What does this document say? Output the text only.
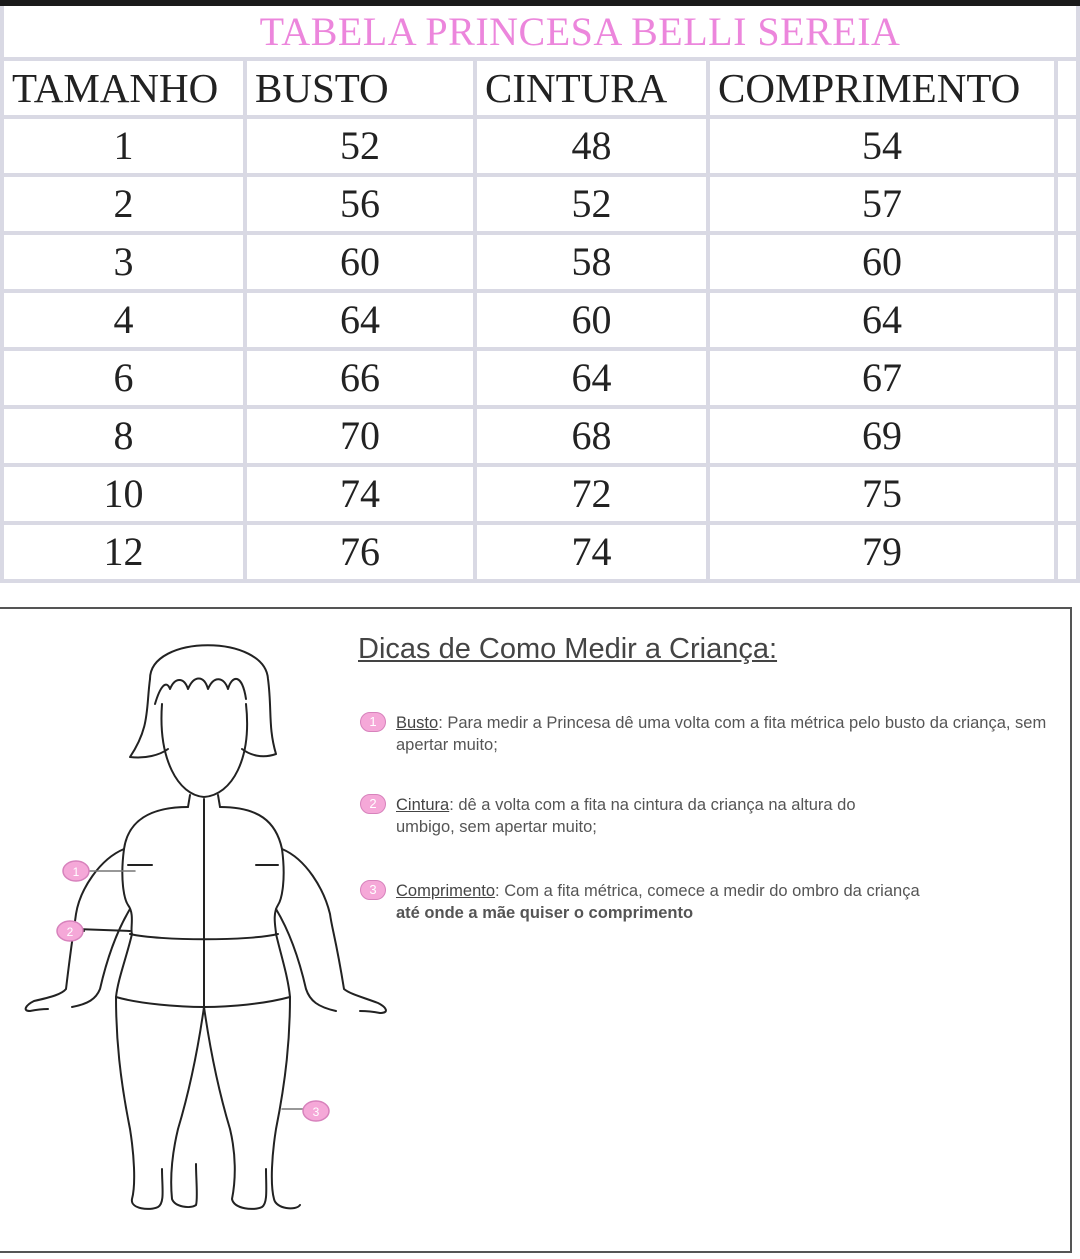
TABELA PRINCESA BELLI SEREIA				
TAMANHO	BUSTO	CINTURA	COMPRIMENTO	
1	52	48	54	
2	56	52	57	
3	60	58	60	
4	64	60	64	
6	66	64	67	
8	70	68	69	
10	74	72	75	
12	76	74	79	
1
2
3
Dicas de Como Medir a Criança:
1	Busto: Para medir a Princesa dê uma volta com a fita métrica pelo busto da criança, sem apertar muito;
2	Cintura: dê a volta com a fita na cintura da criança na altura do umbigo, sem apertar muito;
3	Comprimento: Com a fita métrica, comece a medir do ombro da criança até onde a mãe quiser o comprimento
